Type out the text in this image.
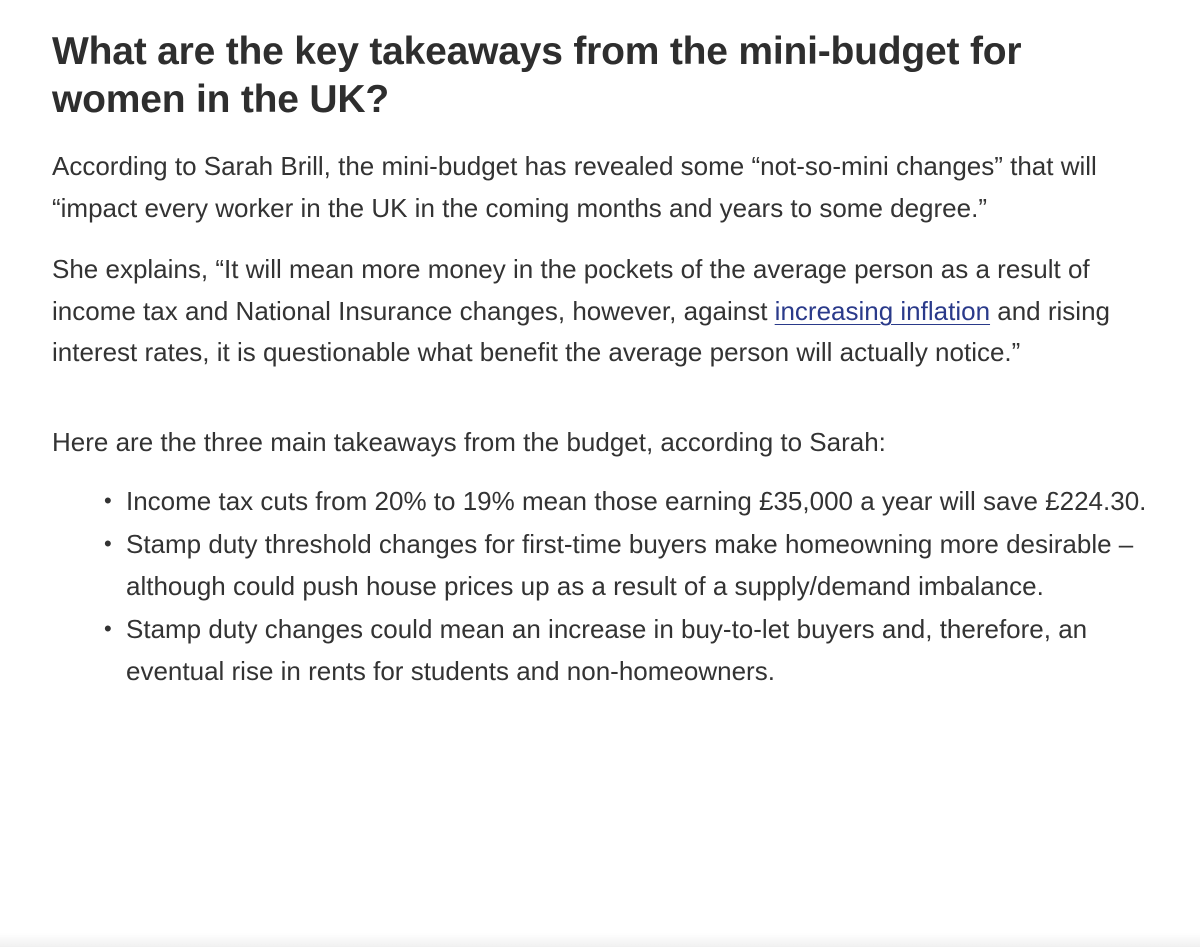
What are the key takeaways from the mini-budget for women in the UK?

According to Sarah Brill, the mini-budget has revealed some “not-so-mini changes” that will “impact every worker in the UK in the coming months and years to some degree.”

She explains, “It will mean more money in the pockets of the average person as a result of income tax and National Insurance changes, however, against increasing inflation and rising interest rates, it is questionable what benefit the average person will actually notice.”

Here are the three main takeaways from the budget, according to Sarah:

• Income tax cuts from 20% to 19% mean those earning £35,000 a year will save £224.30.
• Stamp duty threshold changes for first-time buyers make homeowning more desirable – although could push house prices up as a result of a supply/demand imbalance.
• Stamp duty changes could mean an increase in buy-to-let buyers and, therefore, an eventual rise in rents for students and non-homeowners.
